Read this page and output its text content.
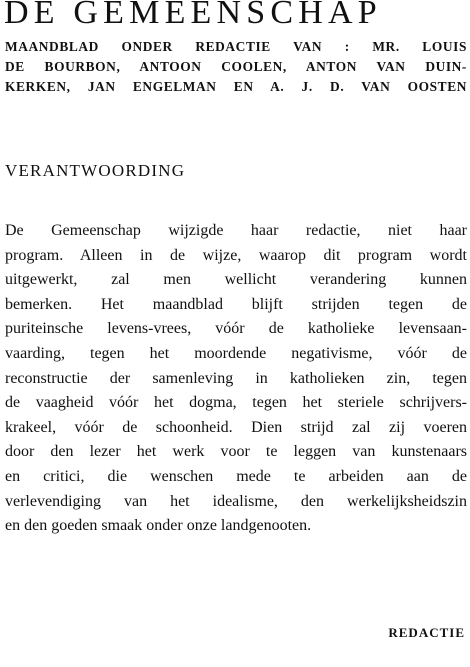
DE GEMEENSCHAP
MAANDBLAD ONDER REDACTIE VAN : MR. LOUIS
DE BOURBON, ANTOON COOLEN, ANTON VAN DUIN-
KERKEN, JAN ENGELMAN EN A. J. D. VAN OOSTEN
VERANTWOORDING
De Gemeenschap wijzigde haar redactie, niet haar
program. Alleen in de wijze, waarop dit program wordt
uitgewerkt, zal men wellicht verandering kunnen
bemerken. Het maandblad blijft strijden tegen de
puriteinsche levens-vrees, vóór de katholieke levensaan-
vaarding, tegen het moordende negativisme, vóór de
reconstructie der samenleving in katholieken zin, tegen
de vaagheid vóór het dogma, tegen het steriele schrijvers-
krakeel, vóór de schoonheid. Dien strijd zal zij voeren
door den lezer het werk voor te leggen van kunstenaars
en critici, die wenschen mede te arbeiden aan de
verlevendiging van het idealisme, den werkelijksheidszin
en den goeden smaak onder onze landgenooten.
REDACTIE
